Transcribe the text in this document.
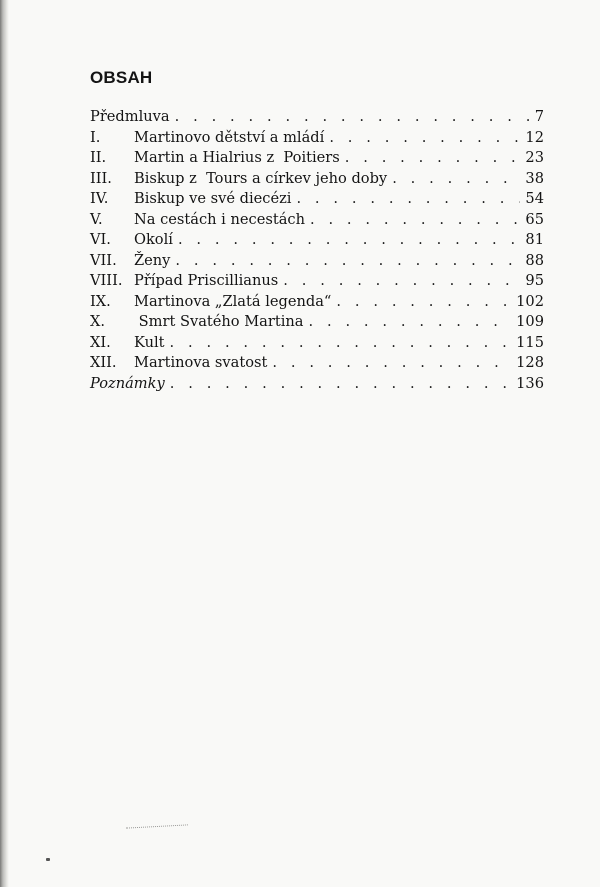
OBSAH
Předmluva . . .	7
I.	Martinovo dětství a mládí . . .	12
II.	Martin a Hialrius z  Poitiers . . .	23
III.	Biskup z  Tours a církev jeho doby . . .	38
IV.	Biskup ve své diecézi . . .	54
V.	Na cestách i necestách . . .	65
VI.	Okolí . . .	81
VII.	Ženy . . .	88
VIII. Případ Priscillianus . . .	95
IX.	Martinova „Zlatá legenda“ . . .	102
X.	Smrt Svatého Martina . . .	109
XI.	Kult . . .	115
XII.	Martinova svatost . . .	128
Poznámky . . .	136
